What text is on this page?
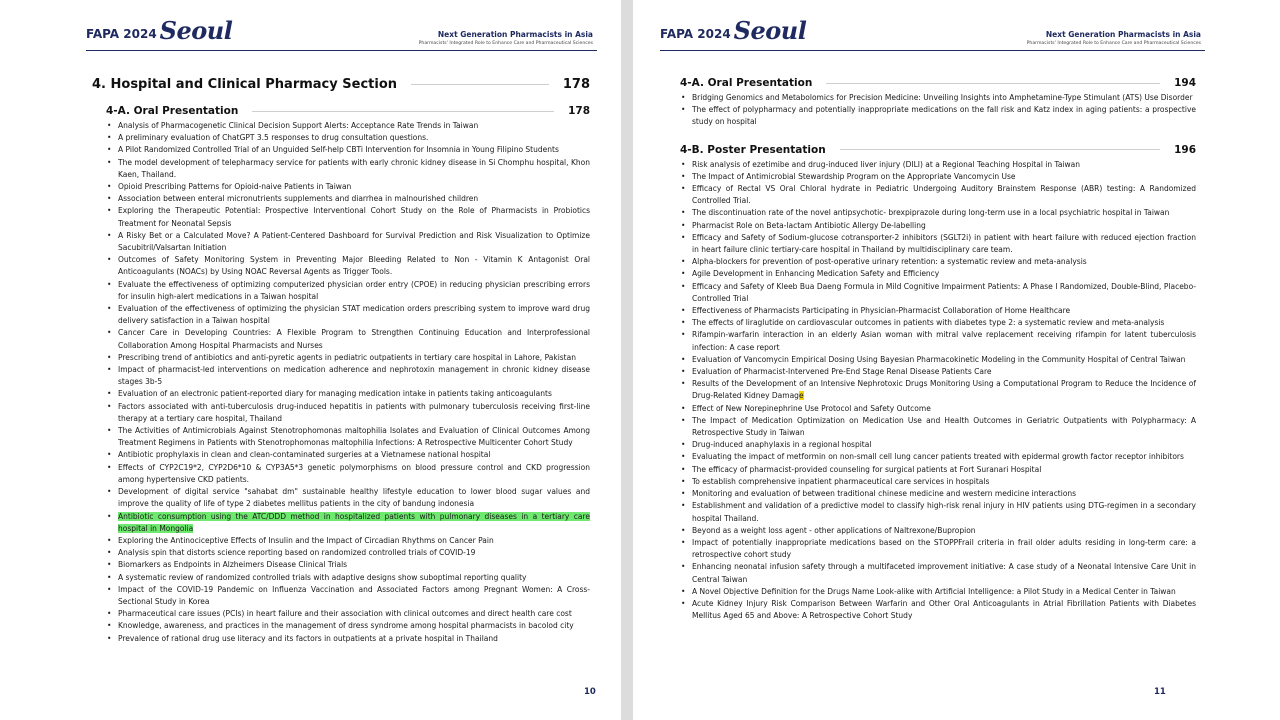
$^{FAPA 2024}$ Seoul	Next Generation Pharmacists in Asia
Pharmacists' Integrated Role to Enhance Care and Pharmaceutical Sciences
4. Hospital and Clinical Pharmacy Section	178
4-A. Oral Presentation	178
• Analysis of Pharmacogenetic Clinical Decision Support Alerts: Acceptance Rate Trends in Taiwan
• A preliminary evaluation of ChatGPT 3.5 responses to drug consultation questions.
• A Pilot Randomized Controlled Trial of an Unguided Self-help CBTi Intervention for Insomnia in Young Filipino Students
• The model development of telepharmacy service for patients with early chronic kidney disease in Si Chomphu hospital, Khon Kaen, Thailand.
• Opioid Prescribing Patterns for Opioid-naive Patients in Taiwan
• Association between enteral micronutrients supplements and diarrhea in malnourished children
• Exploring the Therapeutic Potential: Prospective Interventional Cohort Study on the Role of Pharmacists in Probiotics Treatment for Neonatal Sepsis
• A Risky Bet or a Calculated Move? A Patient-Centered Dashboard for Survival Prediction and Risk Visualization to Optimize Sacubitril/Valsartan Initiation
• Outcomes of Safety Monitoring System in Preventing Major Bleeding Related to Non - Vitamin K Antagonist Oral Anticoagulants (NOACs) by Using NOAC Reversal Agents as Trigger Tools.
• Evaluate the effectiveness of optimizing computerized physician order entry (CPOE) in reducing physician prescribing errors for insulin high-alert medications in a Taiwan hospital
• Evaluation of the effectiveness of optimizing the physician STAT medication orders prescribing system to improve ward drug delivery satisfaction in a Taiwan hospital
• Cancer Care in Developing Countries: A Flexible Program to Strengthen Continuing Education and Interprofessional Collaboration Among Hospital Pharmacists and Nurses
• Prescribing trend of antibiotics and anti-pyretic agents in pediatric outpatients in tertiary care hospital in Lahore, Pakistan
• Impact of pharmacist-led interventions on medication adherence and nephrotoxin management in chronic kidney disease stages 3b-5
• Evaluation of an electronic patient-reported diary for managing medication intake in patients taking anticoagulants
• Factors associated with anti-tuberculosis drug-induced hepatitis in patients with pulmonary tuberculosis receiving first-line therapy at a tertiary care hospital, Thailand
• The Activities of Antimicrobials Against Stenotrophomonas maltophilia Isolates and Evaluation of Clinical Outcomes Among Treatment Regimens in Patients with Stenotrophomonas maltophilia Infections: A Retrospective Multicenter Cohort Study
• Antibiotic prophylaxis in clean and clean-contaminated surgeries at a Vietnamese national hospital
• Effects of CYP2C19*2, CYP2D6*10 & CYP3A5*3 genetic polymorphisms on blood pressure control and CKD progression among hypertensive CKD patients.
• Development of digital service "sahabat dm" sustainable healthy lifestyle education to lower blood sugar values and improve the quality of life of type 2 diabetes mellitus patients in the city of bandung indonesia
• Antibiotic consumption using the ATC/DDD method in hospitalized patients with pulmonary diseases in a tertiary care hospital in Mongolia
• Exploring the Antinociceptive Effects of Insulin and the Impact of Circadian Rhythms on Cancer Pain
• Analysis spin that distorts science reporting based on randomized controlled trials of COVID-19
• Biomarkers as Endpoints in Alzheimers Disease Clinical Trials
• A systematic review of randomized controlled trials with adaptive designs show suboptimal reporting quality
• Impact of the COVID-19 Pandemic on Influenza Vaccination and Associated Factors among Pregnant Women: A Cross-Sectional Study in Korea
• Pharmaceutical care issues (PCIs) in heart failure and their association with clinical outcomes and direct health care cost
• Knowledge, awareness, and practices in the management of dress syndrome among hospital pharmacists in bacolod city
• Prevalence of rational drug use literacy and its factors in outpatients at a private hospital in Thailand
10
$^{FAPA 2024}$ Seoul	Next Generation Pharmacists in Asia
Pharmacists' Integrated Role to Enhance Care and Pharmaceutical Sciences
4-A. Oral Presentation	194
• Bridging Genomics and Metabolomics for Precision Medicine: Unveiling Insights into Amphetamine-Type Stimulant (ATS) Use Disorder
• The effect of polypharmacy and potentially inappropriate medications on the fall risk and Katz index in aging patients: a prospective study on hospital
4-B. Poster Presentation	196
• Risk analysis of ezetimibe and drug-induced liver injury (DILI) at a Regional Teaching Hospital in Taiwan
• The Impact of Antimicrobial Stewardship Program on the Appropriate Vancomycin Use
• Efficacy of Rectal VS Oral Chloral hydrate in Pediatric Undergoing Auditory Brainstem Response (ABR) testing: A Randomized Controlled Trial.
• The discontinuation rate of the novel antipsychotic- brexpiprazole during long-term use in a local psychiatric hospital in Taiwan
• Pharmacist Role on Beta-lactam Antibiotic Allergy De-labelling
• Efficacy and Safety of Sodium-glucose cotransporter-2 inhibitors (SGLT2i) in patient with heart failure with reduced ejection fraction in heart failure clinic tertiary-care hospital in Thailand by multidisciplinary care team.
• Alpha-blockers for prevention of post-operative urinary retention: a systematic review and meta-analysis
• Agile Development in Enhancing Medication Safety and Efficiency
• Efficacy and Safety of Kleeb Bua Daeng Formula in Mild Cognitive Impairment Patients: A Phase I Randomized, Double-Blind, Placebo-Controlled Trial
• Effectiveness of Pharmacists Participating in Physician-Pharmacist Collaboration of Home Healthcare
• The effects of liraglutide on cardiovascular outcomes in patients with diabetes type 2: a systematic review and meta-analysis
• Rifampin-warfarin interaction in an elderly Asian woman with mitral valve replacement receiving rifampin for latent tuberculosis infection: A case report
• Evaluation of Vancomycin Empirical Dosing Using Bayesian Pharmacokinetic Modeling in the Community Hospital of Central Taiwan
• Evaluation of Pharmacist-Intervened Pre-End Stage Renal Disease Patients Care
• Results of the Development of an Intensive Nephrotoxic Drugs Monitoring Using a Computational Program to Reduce the Incidence of Drug-Related Kidney Damage
• Effect of New Norepinephrine Use Protocol and Safety Outcome
• The Impact of Medication Optimization on Medication Use and Health Outcomes in Geriatric Outpatients with Polypharmacy: A Retrospective Study in Taiwan
• Drug-induced anaphylaxis in a regional hospital
• Evaluating the impact of metformin on non-small cell lung cancer patients treated with epidermal growth factor receptor inhibitors
• The efficacy of pharmacist-provided counseling for surgical patients at Fort Suranari Hospital
• To establish comprehensive inpatient pharmaceutical care services in hospitals
• Monitoring and evaluation of between traditional chinese medicine and western medicine interactions
• Establishment and validation of a predictive model to classify high-risk renal injury in HIV patients using DTG-regimen in a secondary hospital Thailand.
• Beyond as a weight loss agent - other applications of Naltrexone/Bupropion
• Impact of potentially inappropriate medications based on the STOPPFrail criteria in frail older adults residing in long-term care: a retrospective cohort study
• Enhancing neonatal infusion safety through a multifaceted improvement initiative: A case study of a Neonatal Intensive Care Unit in Central Taiwan
• A Novel Objective Definition for the Drugs Name Look-alike with Artificial Intelligence: a Pilot Study in a Medical Center in Taiwan
• Acute Kidney Injury Risk Comparison Between Warfarin and Other Oral Anticoagulants in Atrial Fibrillation Patients with Diabetes Mellitus Aged 65 and Above: A Retrospective Cohort Study
11
